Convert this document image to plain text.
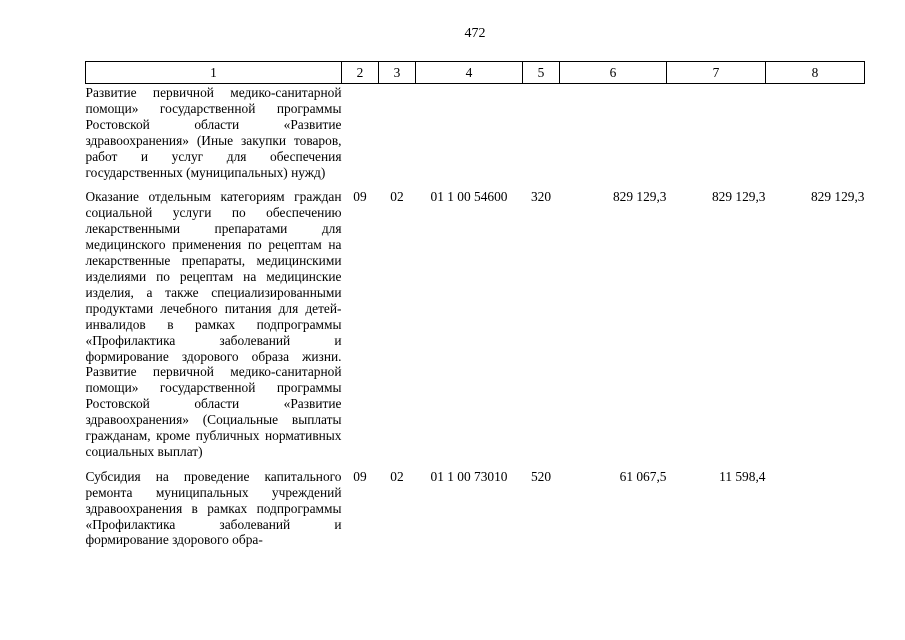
472
1	2	3	4	5	6	7	8
Развитие первичной медико-санитарной помощи» государственной программы Ростовской области «Развитие здравоохранения» (Иные закупки товаров, работ и услуг для обеспечения государственных (муниципальных) нужд)							
Оказание отдельным категориям граждан социальной услуги по обеспечению лекарственными препаратами для медицинского применения по рецептам на лекарственные препараты, медицинскими изделиями по рецептам на медицинские изделия, а также специализированными продуктами лечебного питания для детей-инвалидов в рамках подпрограммы «Профилактика заболеваний и формирование здорового образа жизни. Развитие первичной медико-санитарной помощи» государственной программы Ростовской области «Развитие здравоохранения» (Социальные выплаты гражданам, кроме публичных нормативных социальных выплат)	09	02	01 1 00 54600	320	829 129,3	829 129,3	829 129,3
Субсидия на проведение капитального ремонта муниципальных учреждений здравоохранения в рамках подпрограммы «Профилактика заболеваний и формирование здорового обра-	09	02	01 1 00 73010	520	61 067,5	11 598,4	
